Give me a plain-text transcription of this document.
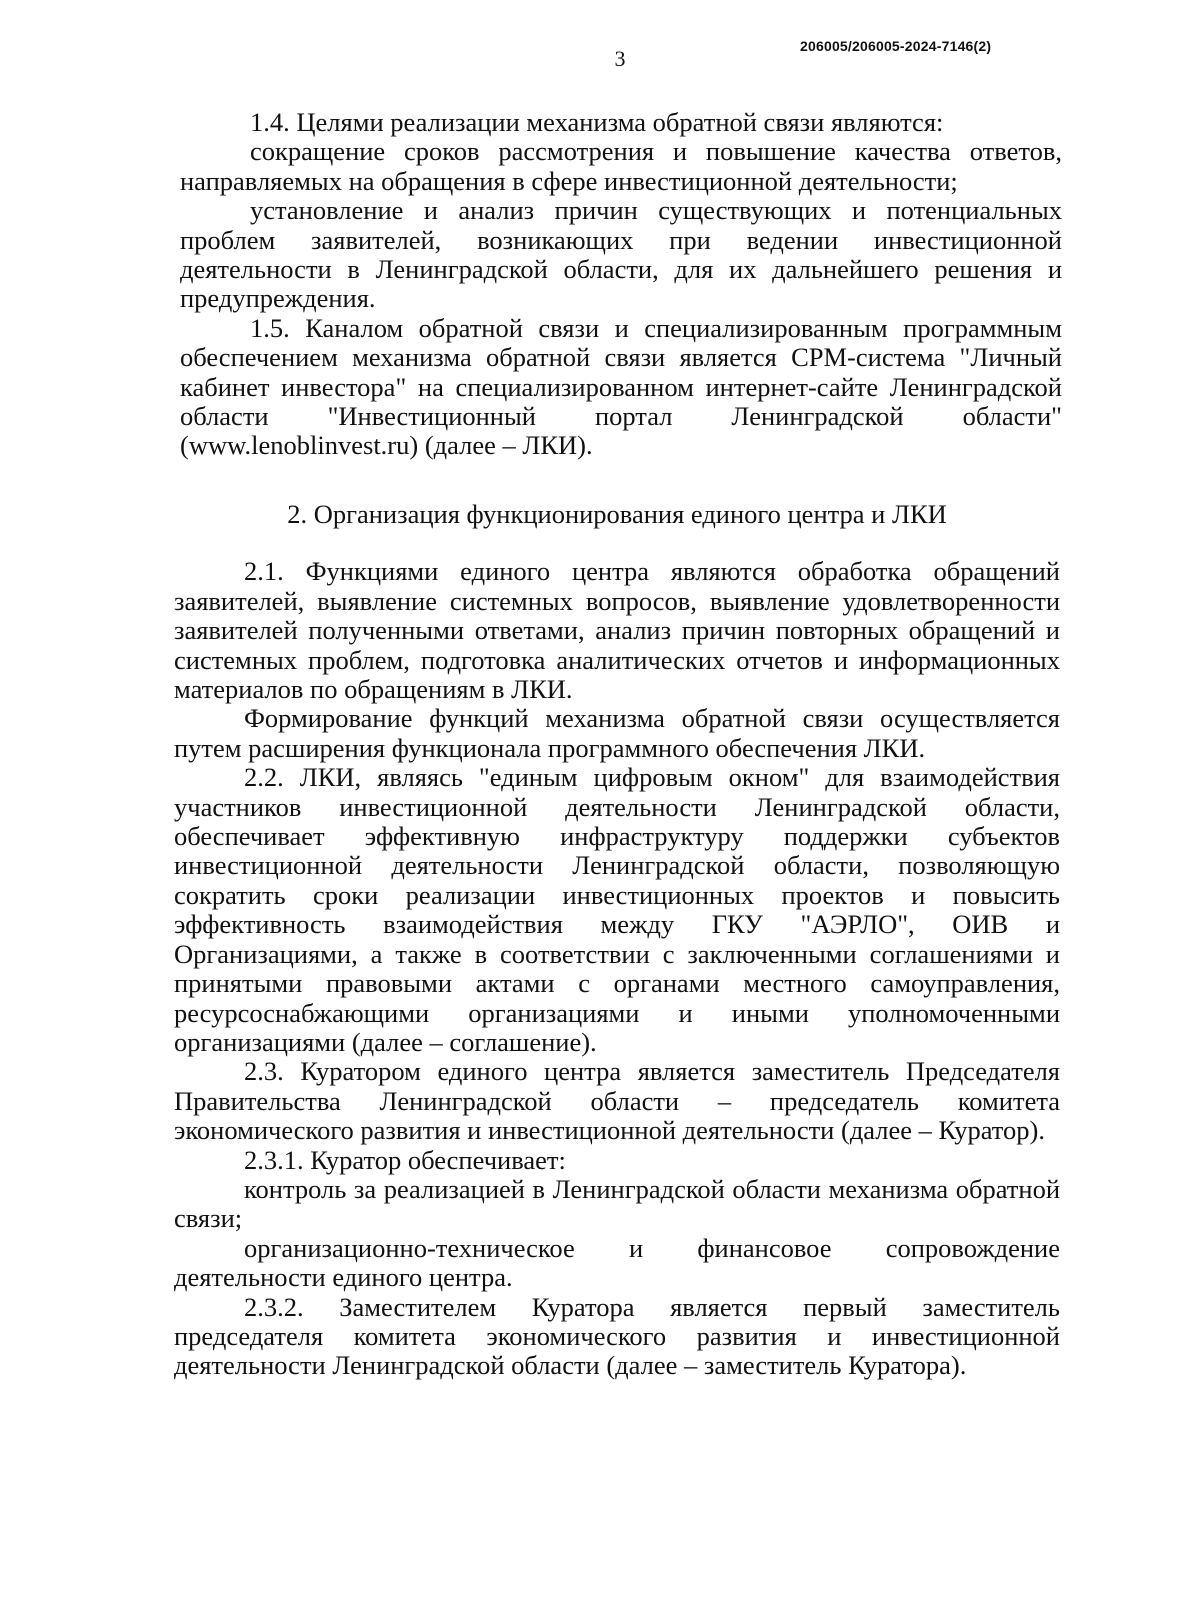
3	206005/206005-2024-7146(2)

1.4. Целями реализации механизма обратной связи являются:

сокращение сроков рассмотрения и повышение качества ответов, направляемых на обращения в сфере инвестиционной деятельности;

установление и анализ причин существующих и потенциальных проблем заявителей, возникающих при ведении инвестиционной деятельности в Ленинградской области, для их дальнейшего решения и предупреждения.

1.5. Каналом обратной связи и специализированным программным обеспечением механизма обратной связи является CPM-система "Личный кабинет инвестора" на специализированном интернет-сайте Ленинградской области "Инвестиционный портал Ленинградской области" (www.lenoblinvest.ru) (далее – ЛКИ).

2. Организация функционирования единого центра и ЛКИ

2.1. Функциями единого центра являются обработка обращений заявителей, выявление системных вопросов, выявление удовлетворенности заявителей полученными ответами, анализ причин повторных обращений и системных проблем, подготовка аналитических отчетов и информационных материалов по обращениям в ЛКИ.

Формирование функций механизма обратной связи осуществляется путем расширения функционала программного обеспечения ЛКИ.

2.2. ЛКИ, являясь "единым цифровым окном" для взаимодействия участников инвестиционной деятельности Ленинградской области, обеспечивает эффективную инфраструктуру поддержки субъектов инвестиционной деятельности Ленинградской области, позволяющую сократить сроки реализации инвестиционных проектов и повысить эффективность взаимодействия между ГКУ "АЭРЛО", ОИВ и Организациями, а также в соответствии с заключенными соглашениями и принятыми правовыми актами с органами местного самоуправления, ресурсоснабжающими организациями и иными уполномоченными организациями (далее – соглашение).

2.3. Куратором единого центра является заместитель Председателя Правительства Ленинградской области – председатель комитета экономического развития и инвестиционной деятельности (далее – Куратор).

2.3.1. Куратор обеспечивает:

контроль за реализацией в Ленинградской области механизма обратной связи;

организационно-техническое и финансовое сопровождение деятельности единого центра.

2.3.2. Заместителем Куратора является первый заместитель председателя комитета экономического развития и инвестиционной деятельности Ленинградской области (далее – заместитель Куратора).
